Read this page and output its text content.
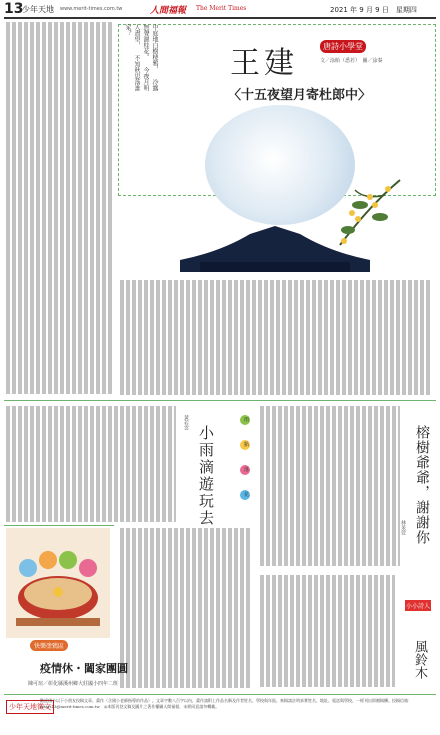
13
少年天地 www.merit-times.com.tw	人間福報 The Merit Times	2021 年 9 月 9 日　星期四
中庭地白樹棲鴉， 冷露無聲濕桂花。 今夜月明人盡望， 不知秋思落誰家？
王建	唐詩小學堂
文／涂貽（悉若）　圖／涂秦
〈十五夜望月寄杜郎中〉
小雨滴遊玩去
黃若雲
榕樹爺爺，謝謝你
林采萱
雨
點
落
花
小小詩人
風鈴木
快樂塗鴉區
疫情休・闔家團圓
陳可瑄／彰化縣溪州鄉大莊國小四年二班
少年天地徵文
歡迎國小以下小朋友投稿文章、畫作（含國小老師指導的作品）。文章字數八百字以內，畫作請附上作品名稱及作者姓名、學校與年級。來稿請註明真實姓名、地址、電話與學校，一經刊出即贈稿酬。投稿信箱：mtart13@merit-times.com.tw　◎本版刊登文稿及圖片之著作權屬人間福報，未經同意請勿轉載。
